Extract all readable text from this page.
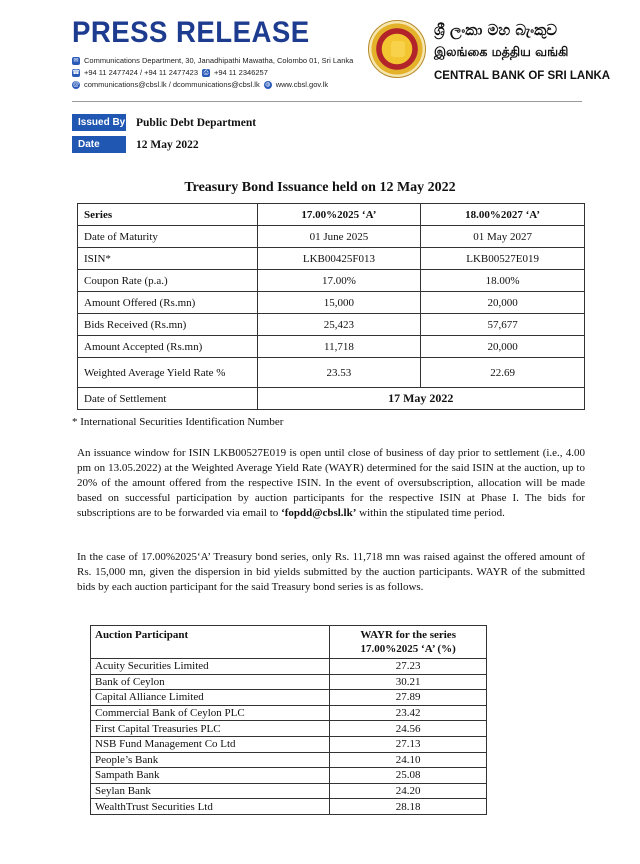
PRESS RELEASE
✉ Communications Department, 30, Janadhipathi Mawatha, Colombo 01, Sri Lanka
☎ +94 11 2477424 / +94 11 2477423 ⎙ +94 11 2346257
@ communications@cbsl.lk / dcommunications@cbsl.lk ◍ www.cbsl.gov.lk
ශ්‍රී ලංකා මහ බැංකුව
இலங்கை மத்திய வங்கி
CENTRAL BANK OF SRI LANKA
Issued By Public Debt Department
Date	12 May 2022
Treasury Bond Issuance held on 12 May 2022
Series	17.00%2025 ‘A’	18.00%2027 ‘A’
Date of Maturity	01 June 2025	01 May 2027
ISIN*	LKB00425F013	LKB00527E019
Coupon Rate (p.a.)	17.00%	18.00%
Amount Offered (Rs.mn)	15,000	20,000
Bids Received (Rs.mn)	25,423	57,677
Amount Accepted (Rs.mn)	11,718	20,000
Weighted Average Yield Rate %	23.53	22.69
Date of Settlement	17 May 2022	
* International Securities Identification Number
An issuance window for ISIN LKB00527E019 is open until close of business of day prior to settlement (i.e., 4.00 pm on 13.05.2022) at the Weighted Average Yield Rate (WAYR) determined for the said ISIN at the auction, up to 20% of the amount offered from the respective ISIN. In the event of oversubscription, allocation will be made based on successful participation by auction participants for the respective ISIN at Phase I. The bids for subscriptions are to be forwarded via email to ‘fopdd@cbsl.lk’ within the stipulated time period.
In the case of 17.00%2025‘A’ Treasury bond series, only Rs. 11,718 mn was raised against the offered amount of Rs. 15,000 mn, given the dispersion in bid yields submitted by the auction participants. WAYR of the submitted bids by each auction participant for the said Treasury bond series is as follows.
Auction Participant	WAYR for the series
17.00%2025 ‘A’ (%)
Acuity Securities Limited	27.23
Bank of Ceylon	30.21
Capital Alliance Limited	27.89
Commercial Bank of Ceylon PLC	23.42
First Capital Treasuries PLC	24.56
NSB Fund Management Co Ltd	27.13
People’s Bank	24.10
Sampath Bank	25.08
Seylan Bank	24.20
WealthTrust Securities Ltd	28.18
